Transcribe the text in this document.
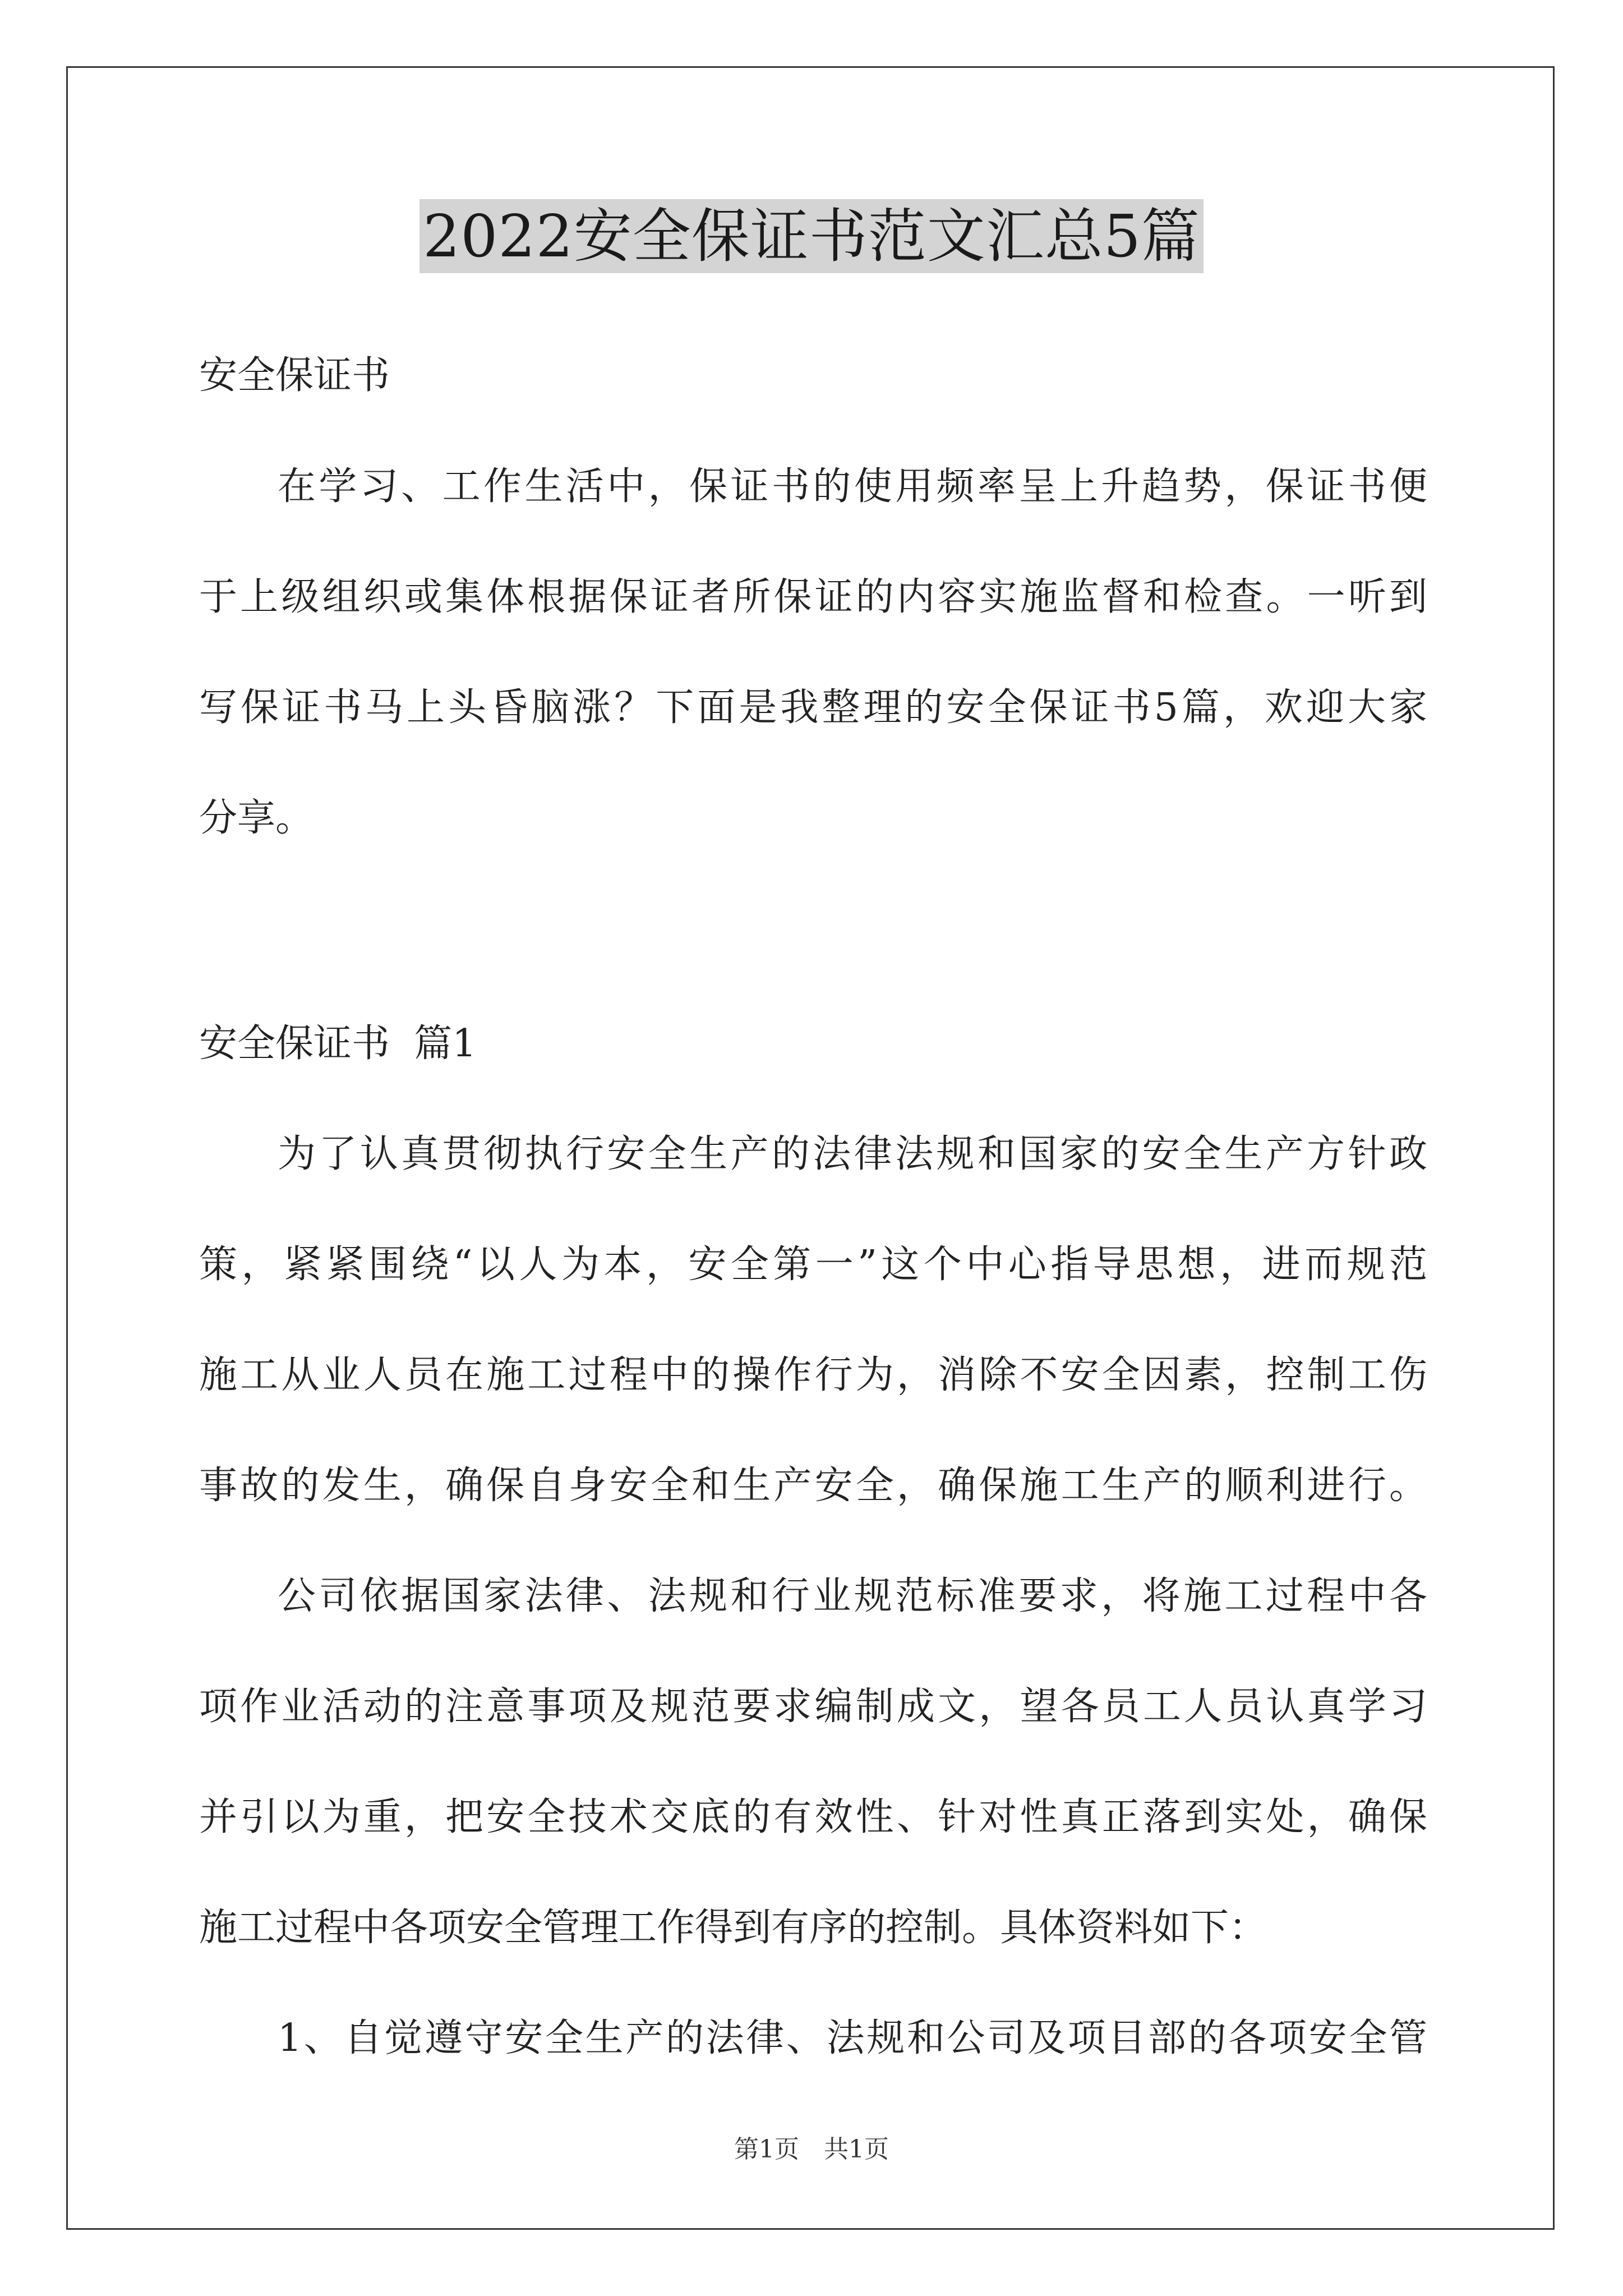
2022安全保证书范文汇总5篇
安全保证书
在学习、工作生活中，保证书的使用频率呈上升趋势，保证书便
于上级组织或集体根据保证者所保证的内容实施监督和检查。一听到
写保证书马上头昏脑涨？下面是我整理的安全保证书5篇，欢迎大家
分享。
安全保证书  篇1
为了认真贯彻执行安全生产的法律法规和国家的安全生产方针政
策，紧紧围绕“以人为本，安全第一”这个中心指导思想，进而规范
施工从业人员在施工过程中的操作行为，消除不安全因素，控制工伤
事故的发生，确保自身安全和生产安全，确保施工生产的顺利进行。
公司依据国家法律、法规和行业规范标准要求，将施工过程中各
项作业活动的注意事项及规范要求编制成文，望各员工人员认真学习
并引以为重，把安全技术交底的有效性、针对性真正落到实处，确保
施工过程中各项安全管理工作得到有序的控制。具体资料如下：
1、自觉遵守安全生产的法律、法规和公司及项目部的各项安全管
第1页　共1页
